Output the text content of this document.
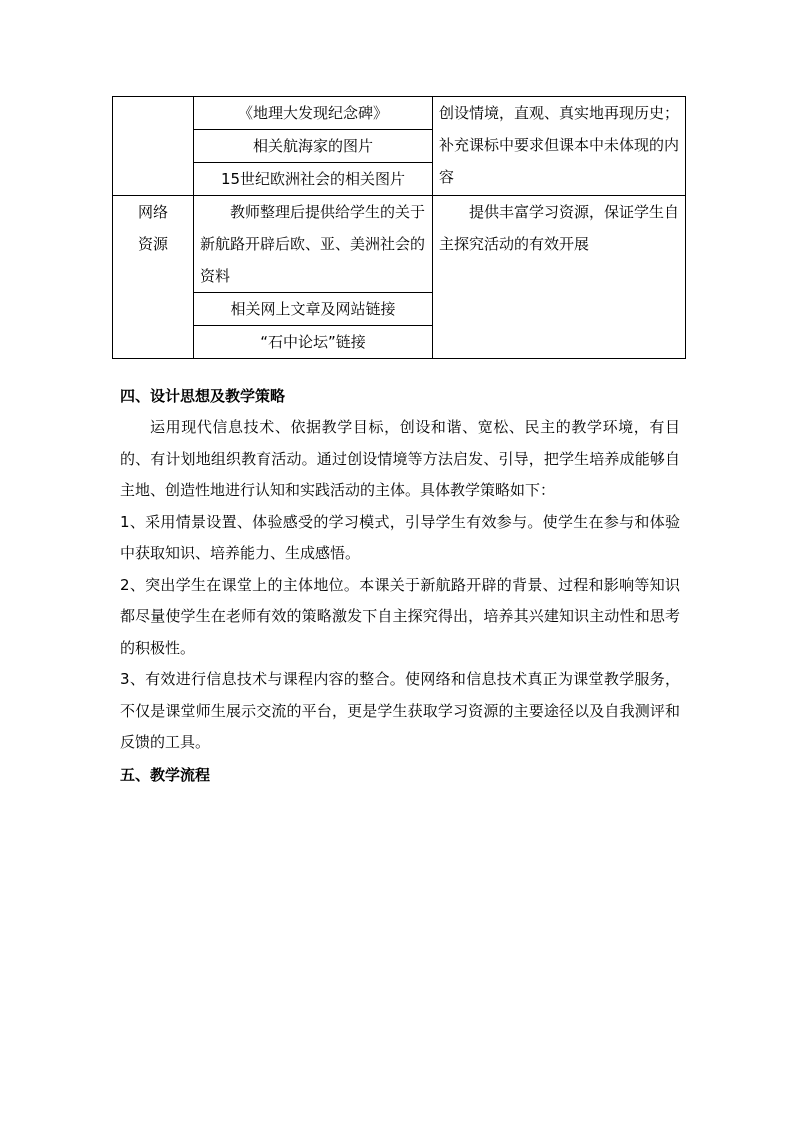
	《地理大发现纪念碑》	创设情境，直观、真实地再现历史；补充课标中要求但课本中未体现的内容
	相关航海家的图片	
	15世纪欧洲社会的相关图片	

网络
资源	教师整理后提供给学生的关于新航路开辟后欧、亚、美洲社会的资料	提供丰富学习资源，保证学生自主探究活动的有效开展
	相关网上文章及网站链接	
	“石中论坛”链接	
四、设计思想及教学策略
运用现代信息技术、依据教学目标，创设和谐、宽松、民主的教学环境，有目的、有计划地组织教育活动。通过创设情境等方法启发、引导，把学生培养成能够自主地、创造性地进行认知和实践活动的主体。具体教学策略如下：
1、采用情景设置、体验感受的学习模式，引导学生有效参与。使学生在参与和体验中获取知识、培养能力、生成感悟。
2、突出学生在课堂上的主体地位。本课关于新航路开辟的背景、过程和影响等知识都尽量使学生在老师有效的策略激发下自主探究得出，培养其兴建知识主动性和思考的积极性。
3、有效进行信息技术与课程内容的整合。使网络和信息技术真正为课堂教学服务，不仅是课堂师生展示交流的平台，更是学生获取学习资源的主要途径以及自我测评和反馈的工具。
五、教学流程
